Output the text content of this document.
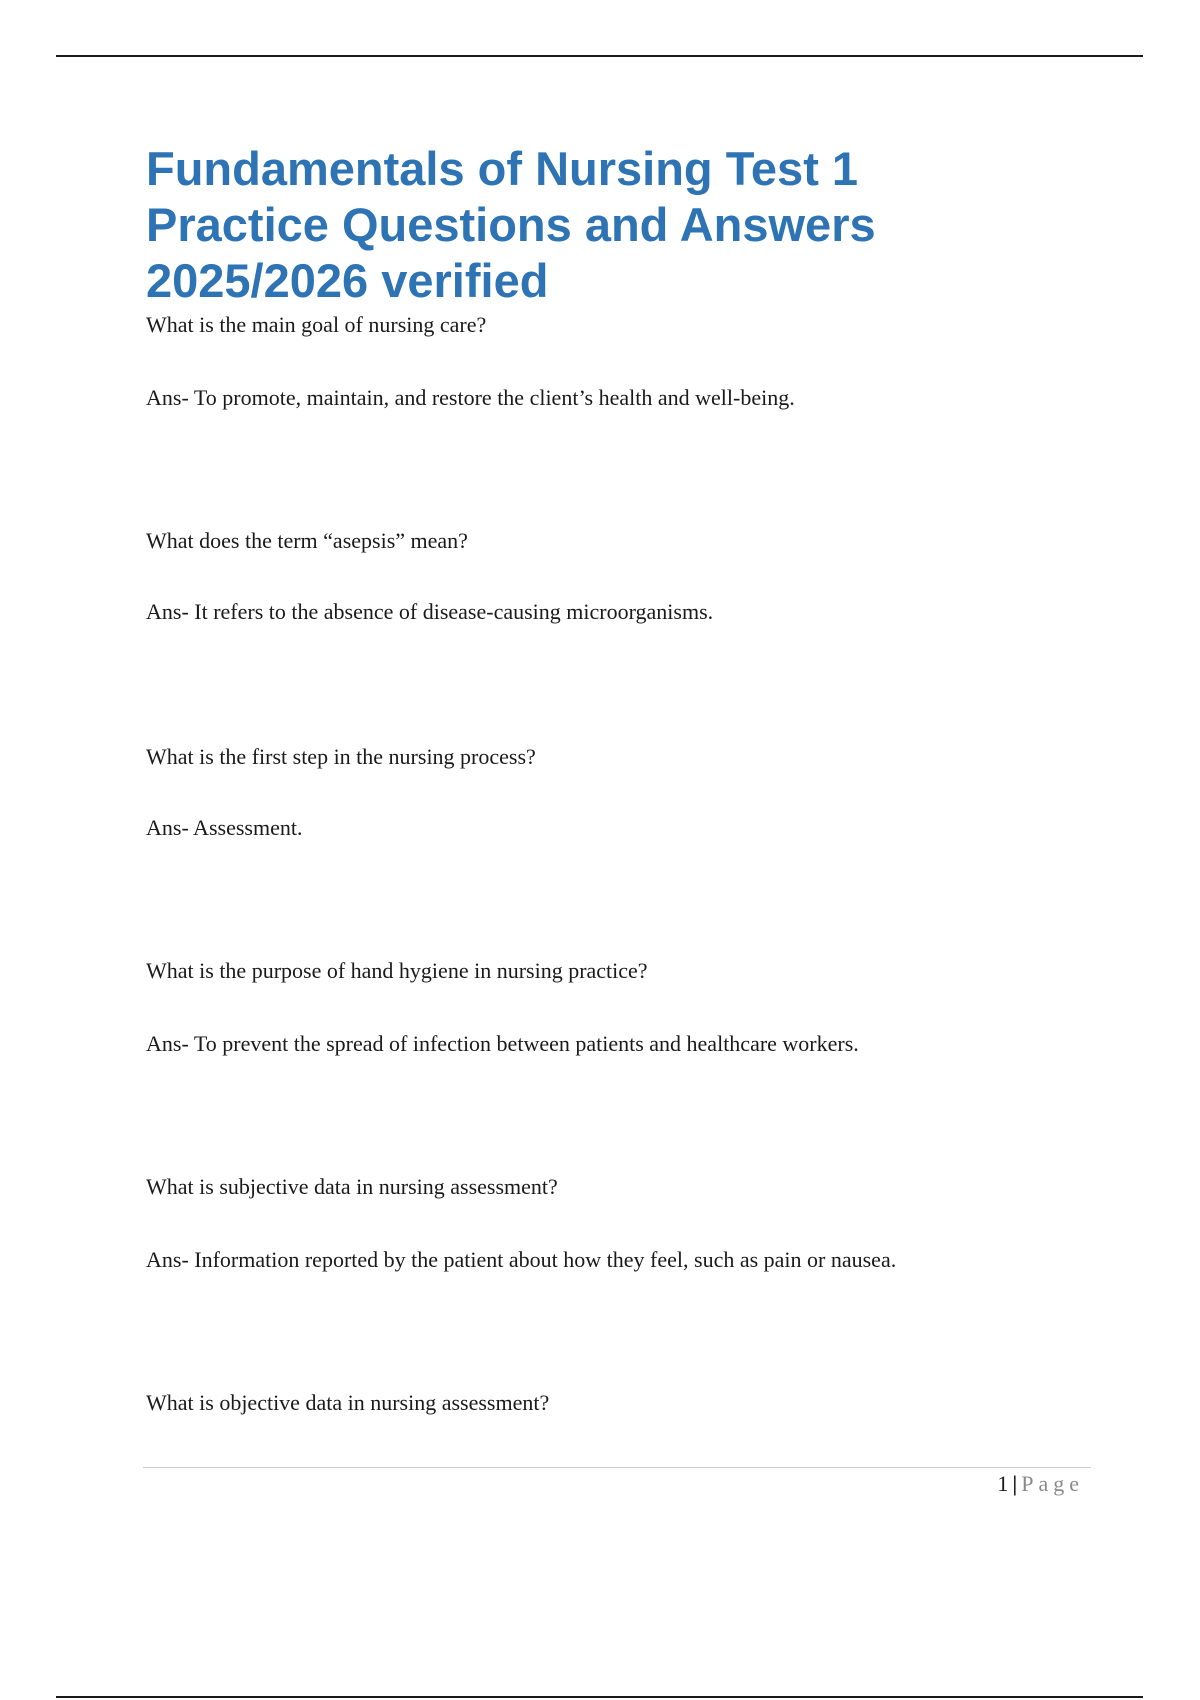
Fundamentals of Nursing Test 1 Practice Questions and Answers 2025/2026 verified

What is the main goal of nursing care?

Ans- To promote, maintain, and restore the client’s health and well-being.

What does the term “asepsis” mean?

Ans- It refers to the absence of disease-causing microorganisms.

What is the first step in the nursing process?

Ans- Assessment.

What is the purpose of hand hygiene in nursing practice?

Ans- To prevent the spread of infection between patients and healthcare workers.

What is subjective data in nursing assessment?

Ans- Information reported by the patient about how they feel, such as pain or nausea.

What is objective data in nursing assessment?

1 | Page
